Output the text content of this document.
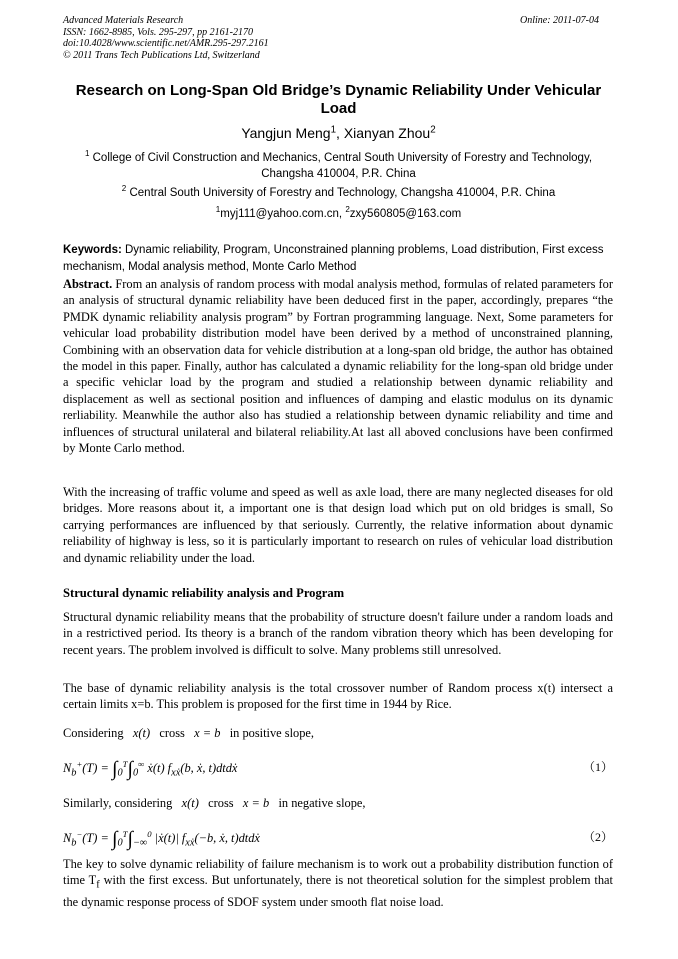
Advanced Materials Research
ISSN: 1662-8985, Vols. 295-297, pp 2161-2170
doi:10.4028/www.scientific.net/AMR.295-297.2161
© 2011 Trans Tech Publications Ltd, Switzerland
Online: 2011-07-04
Research on Long-Span Old Bridge’s Dynamic Reliability Under Vehicular Load
Yangjun Meng$^1$, Xianyan Zhou$^2$
$^1$ College of Civil Construction and Mechanics, Central South University of Forestry and Technology, Changsha 410004, P.R. China
$^2$ Central South University of Forestry and Technology, Changsha 410004, P.R. China
$^1$myj111@yahoo.com.cn, $^2$zxy560805@163.com
Keywords: Dynamic reliability, Program, Unconstrained planning problems, Load distribution, First excess mechanism, Modal analysis method, Monte Carlo Method
Abstract. From an analysis of random process with modal analysis method, formulas of related parameters for an analysis of structural dynamic reliability have been deduced first in the paper, accordingly, prepares “the PMDK dynamic reliability analysis program” by Fortran programming language. Next, Some parameters for vehicular load probability distribution model have been derived by a method of unconstrained planning, Combining with an observation data for vehicle distribution at a long-span old bridge, the author has obtained the model in this paper. Finally, author has calculated a dynamic reliability for the long-span old bridge under a specific vehiclar load by the program and studied a relationship between dynamic reliability and displacement as well as sectional position and influences of damping and elastic modulus on its dynamic rerliability. Meanwhile the author also has studied a relationship between dynamic reliability and time and influences of structural unilateral and bilateral reliability.At last all aboved conclusions have been confirmed by Monte Carlo method.
With the increasing of traffic volume and speed as well as axle load, there are many neglected diseases for old bridges. More reasons about it, a important one is that design load which put on old bridges is small, So carrying performances are influenced by that seriously. Currently, the relative information about dynamic reliability of highway is less, so it is particularly important to research on rules of vehicular load distribution and dynamic reliability under the load.
Structural dynamic reliability analysis and Program
Structural dynamic reliability means that the probability of structure doesn't failure under a random loads and in a restrictived period. Its theory is a branch of the random vibration theory which has been developing for recent years. The problem involved is difficult to solve. Many problems still unresolved.
The base of dynamic reliability analysis is the total crossover number of Random process x(t) intersect a certain limits x=b. This problem is proposed for the first time in 1944 by Rice.
Considering x(t) cross x = b in positive slope,
$N_b^+(T) = \int_0^T\int_0^\infty$ ẋ(t) $f_{xẋ}(b$, ẋ, t)dtdẋ	（1）
Similarly, considering x(t) cross x = b in negative slope,
$N_b^-(T) = \int_0^T\int_{-\infty}^0$ |ẋ(t)| $f_{xẋ}(-b$, ẋ, t)dtdẋ	（2）
The key to solve dynamic reliability of failure mechanism is to work out a probability distribution function of time $T_f$ with the first excess. But unfortunately, there is not theoretical solution for the simplest problem that the dynamic response process of SDOF system under smooth flat noise load.
